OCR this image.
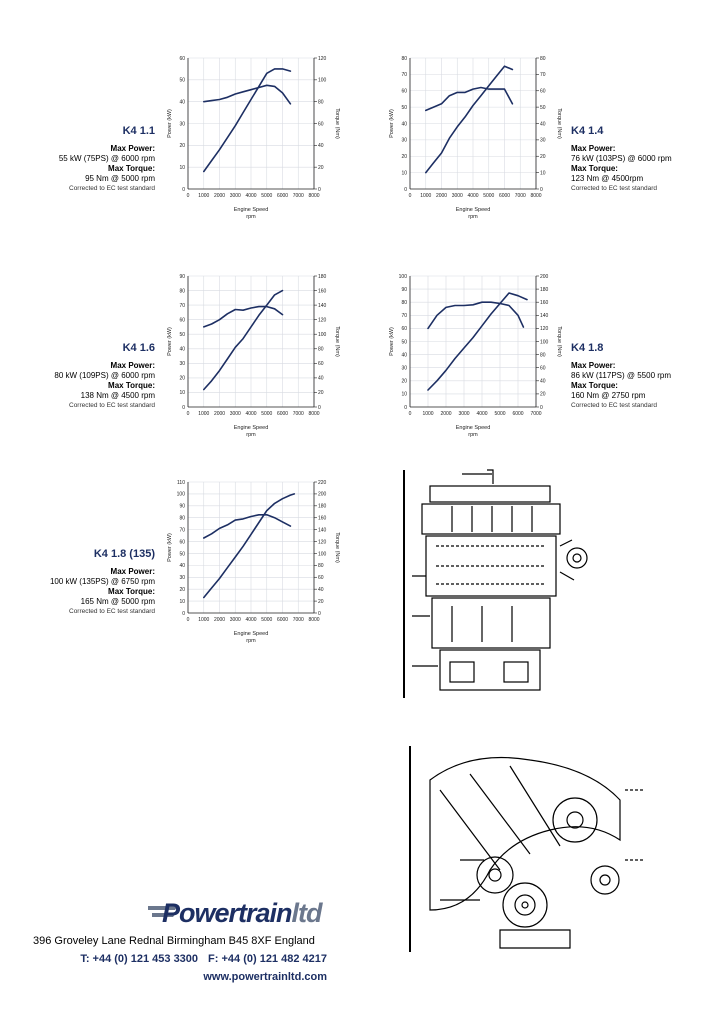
0 1000 2000 3000 4000 5000 6000 7000 8000
0
10
20
30
40
50
60
0
20
40
60
80
100
120
Power (kW)	Torque (Nm)
Engine Speed
rpm
0 1000 2000 3000 4000 5000 6000 7000 8000
0
10
20
30
40
50
60
70
80
0
10
20
30
40
50
60
70
80
Power (kW)	Torque (Nm)
Engine Speed
rpm
0 1000 2000 3000 4000 5000 6000 7000 8000
0
10
20
30
40
50
60
70
80
90
0
20
40
60
80
100
120
140
160
180
Power (kW)	Torque (Nm)
Engine Speed
rpm
0 1000 2000 3000 4000 5000 6000 7000
0
10
20
30
40
50
60
70
80
90
100
0
20
40
60
80
100
120
140
160
180
200
Power (kW)	Torque (Nm)
Engine Speed
rpm
0 1000 2000 3000 4000 5000 6000 7000 8000
0
10
20
30
40
50
60
70
80
90
100
110
0
20
40
60
80
100
120
140
160
180
200
220
Power (kW)	Torque (Nm)
Engine Speed
rpm
K4 1.1
Max Power:
55 kW (75PS) @ 6000 rpm
Max Torque:
95 Nm @ 5000 rpm
Corrected to EC test standard
K4 1.4
Max Power:
76 kW (103PS) @ 6000 rpm
Max Torque:
123 Nm @ 4500rpm
Corrected to EC test standard
K4 1.6
Max Power:
80 kW (109PS) @ 6000 rpm
Max Torque:
138 Nm @ 4500 rpm
Corrected to EC test standard
K4 1.8
Max Power:
86 kW (117PS) @ 5500 rpm
Max Torque:
160 Nm @ 2750 rpm
Corrected to EC test standard
K4 1.8 (135)
Max Power:
100 kW (135PS) @ 6750 rpm
Max Torque:
165 Nm @ 5000 rpm
Corrected to EC test standard
Powertrainltd
396 Groveley Lane Rednal Birmingham B45 8XF England
T: +44 (0) 121 453 3300 F: +44 (0) 121 482 4217
www.powertrainltd.com
